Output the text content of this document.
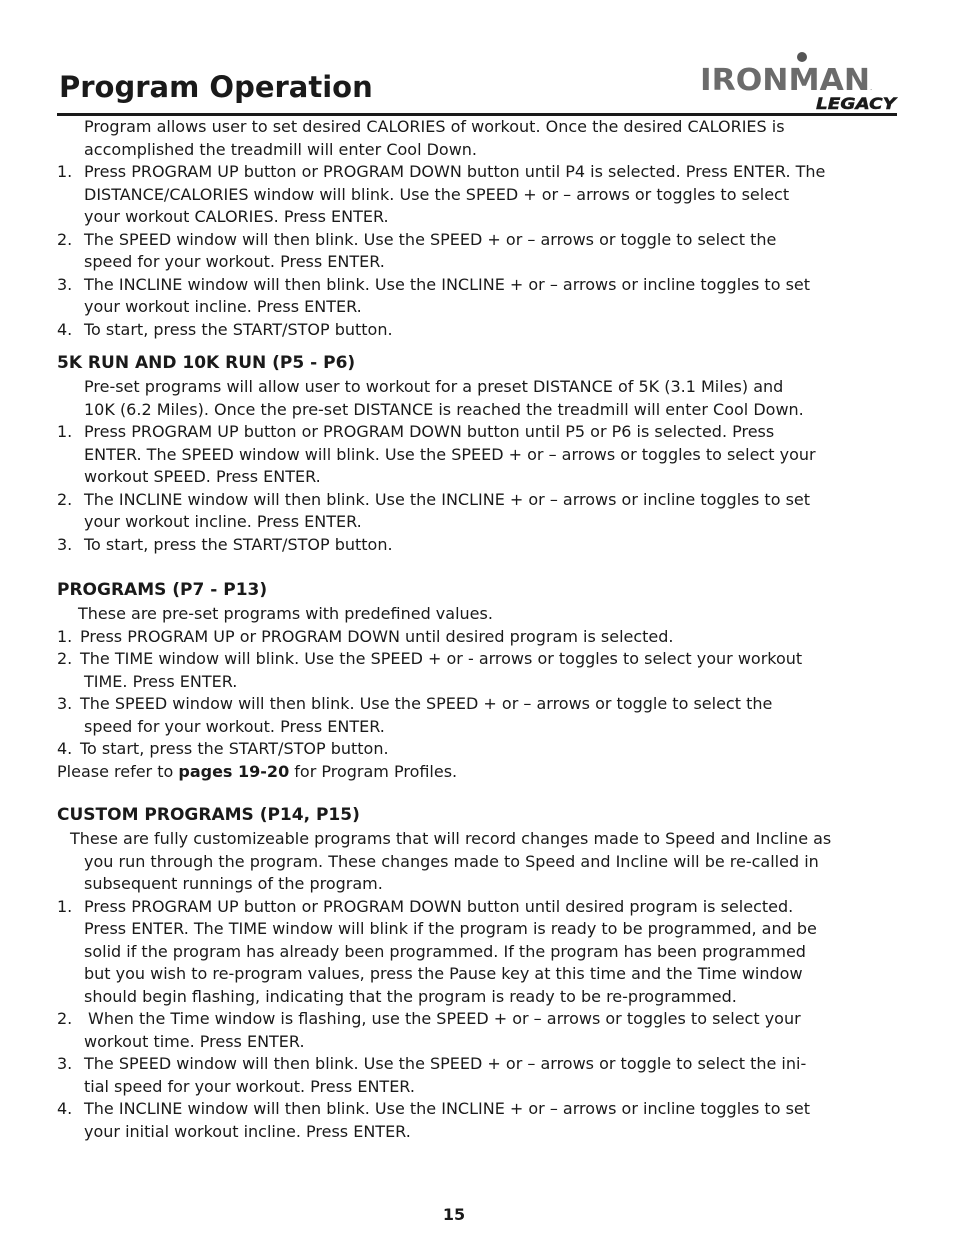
Program Operation	IRONMAN .
LEGACY
Program allows user to set desired CALORIES of workout. Once the desired CALORIES is
accomplished the treadmill will enter Cool Down.
1. Press PROGRAM UP button or PROGRAM DOWN button until P4 is selected. Press ENTER. The
DISTANCE/CALORIES window will blink. Use the SPEED + or – arrows or toggles to select
your workout CALORIES. Press ENTER.
2. The SPEED window will then blink. Use the SPEED + or – arrows or toggle to select the
speed for your workout. Press ENTER.
3. The INCLINE window will then blink. Use the INCLINE + or – arrows or incline toggles to set
your workout incline. Press ENTER.
4. To start, press the START/STOP button.
5K RUN AND 10K RUN (P5 - P6)
Pre-set programs will allow user to workout for a preset DISTANCE of 5K (3.1 Miles) and
10K (6.2 Miles). Once the pre-set DISTANCE is reached the treadmill will enter Cool Down.
1. Press PROGRAM UP button or PROGRAM DOWN button until P5 or P6 is selected. Press
ENTER. The SPEED window will blink. Use the SPEED + or – arrows or toggles to select your
workout SPEED. Press ENTER.
2. The INCLINE window will then blink. Use the INCLINE + or – arrows or incline toggles to set
your workout incline. Press ENTER.
3. To start, press the START/STOP button.
PROGRAMS (P7 - P13)
These are pre-set programs with predefined values.
1. Press PROGRAM UP or PROGRAM DOWN until desired program is selected.
2. The TIME window will blink. Use the SPEED + or - arrows or toggles to select your workout
TIME. Press ENTER.
3. The SPEED window will then blink. Use the SPEED + or – arrows or toggle to select the
speed for your workout. Press ENTER.
4. To start, press the START/STOP button.
Please refer to pages 19-20 for Program Profiles.
CUSTOM PROGRAMS (P14, P15)
These are fully customizeable programs that will record changes made to Speed and Incline as
you run through the program. These changes made to Speed and Incline will be re-called in
subsequent runnings of the program.
1. Press PROGRAM UP button or PROGRAM DOWN button until desired program is selected.
Press ENTER. The TIME window will blink if the program is ready to be programmed, and be
solid if the program has already been programmed. If the program has been programmed
but you wish to re-program values, press the Pause key at this time and the Time window
should begin flashing, indicating that the program is ready to be re-programmed.
2. When the Time window is flashing, use the SPEED + or – arrows or toggles to select your
workout time. Press ENTER.
3. The SPEED window will then blink. Use the SPEED + or – arrows or toggle to select the ini-
tial speed for your workout. Press ENTER.
4. The INCLINE window will then blink. Use the INCLINE + or – arrows or incline toggles to set
your initial workout incline. Press ENTER.
15
